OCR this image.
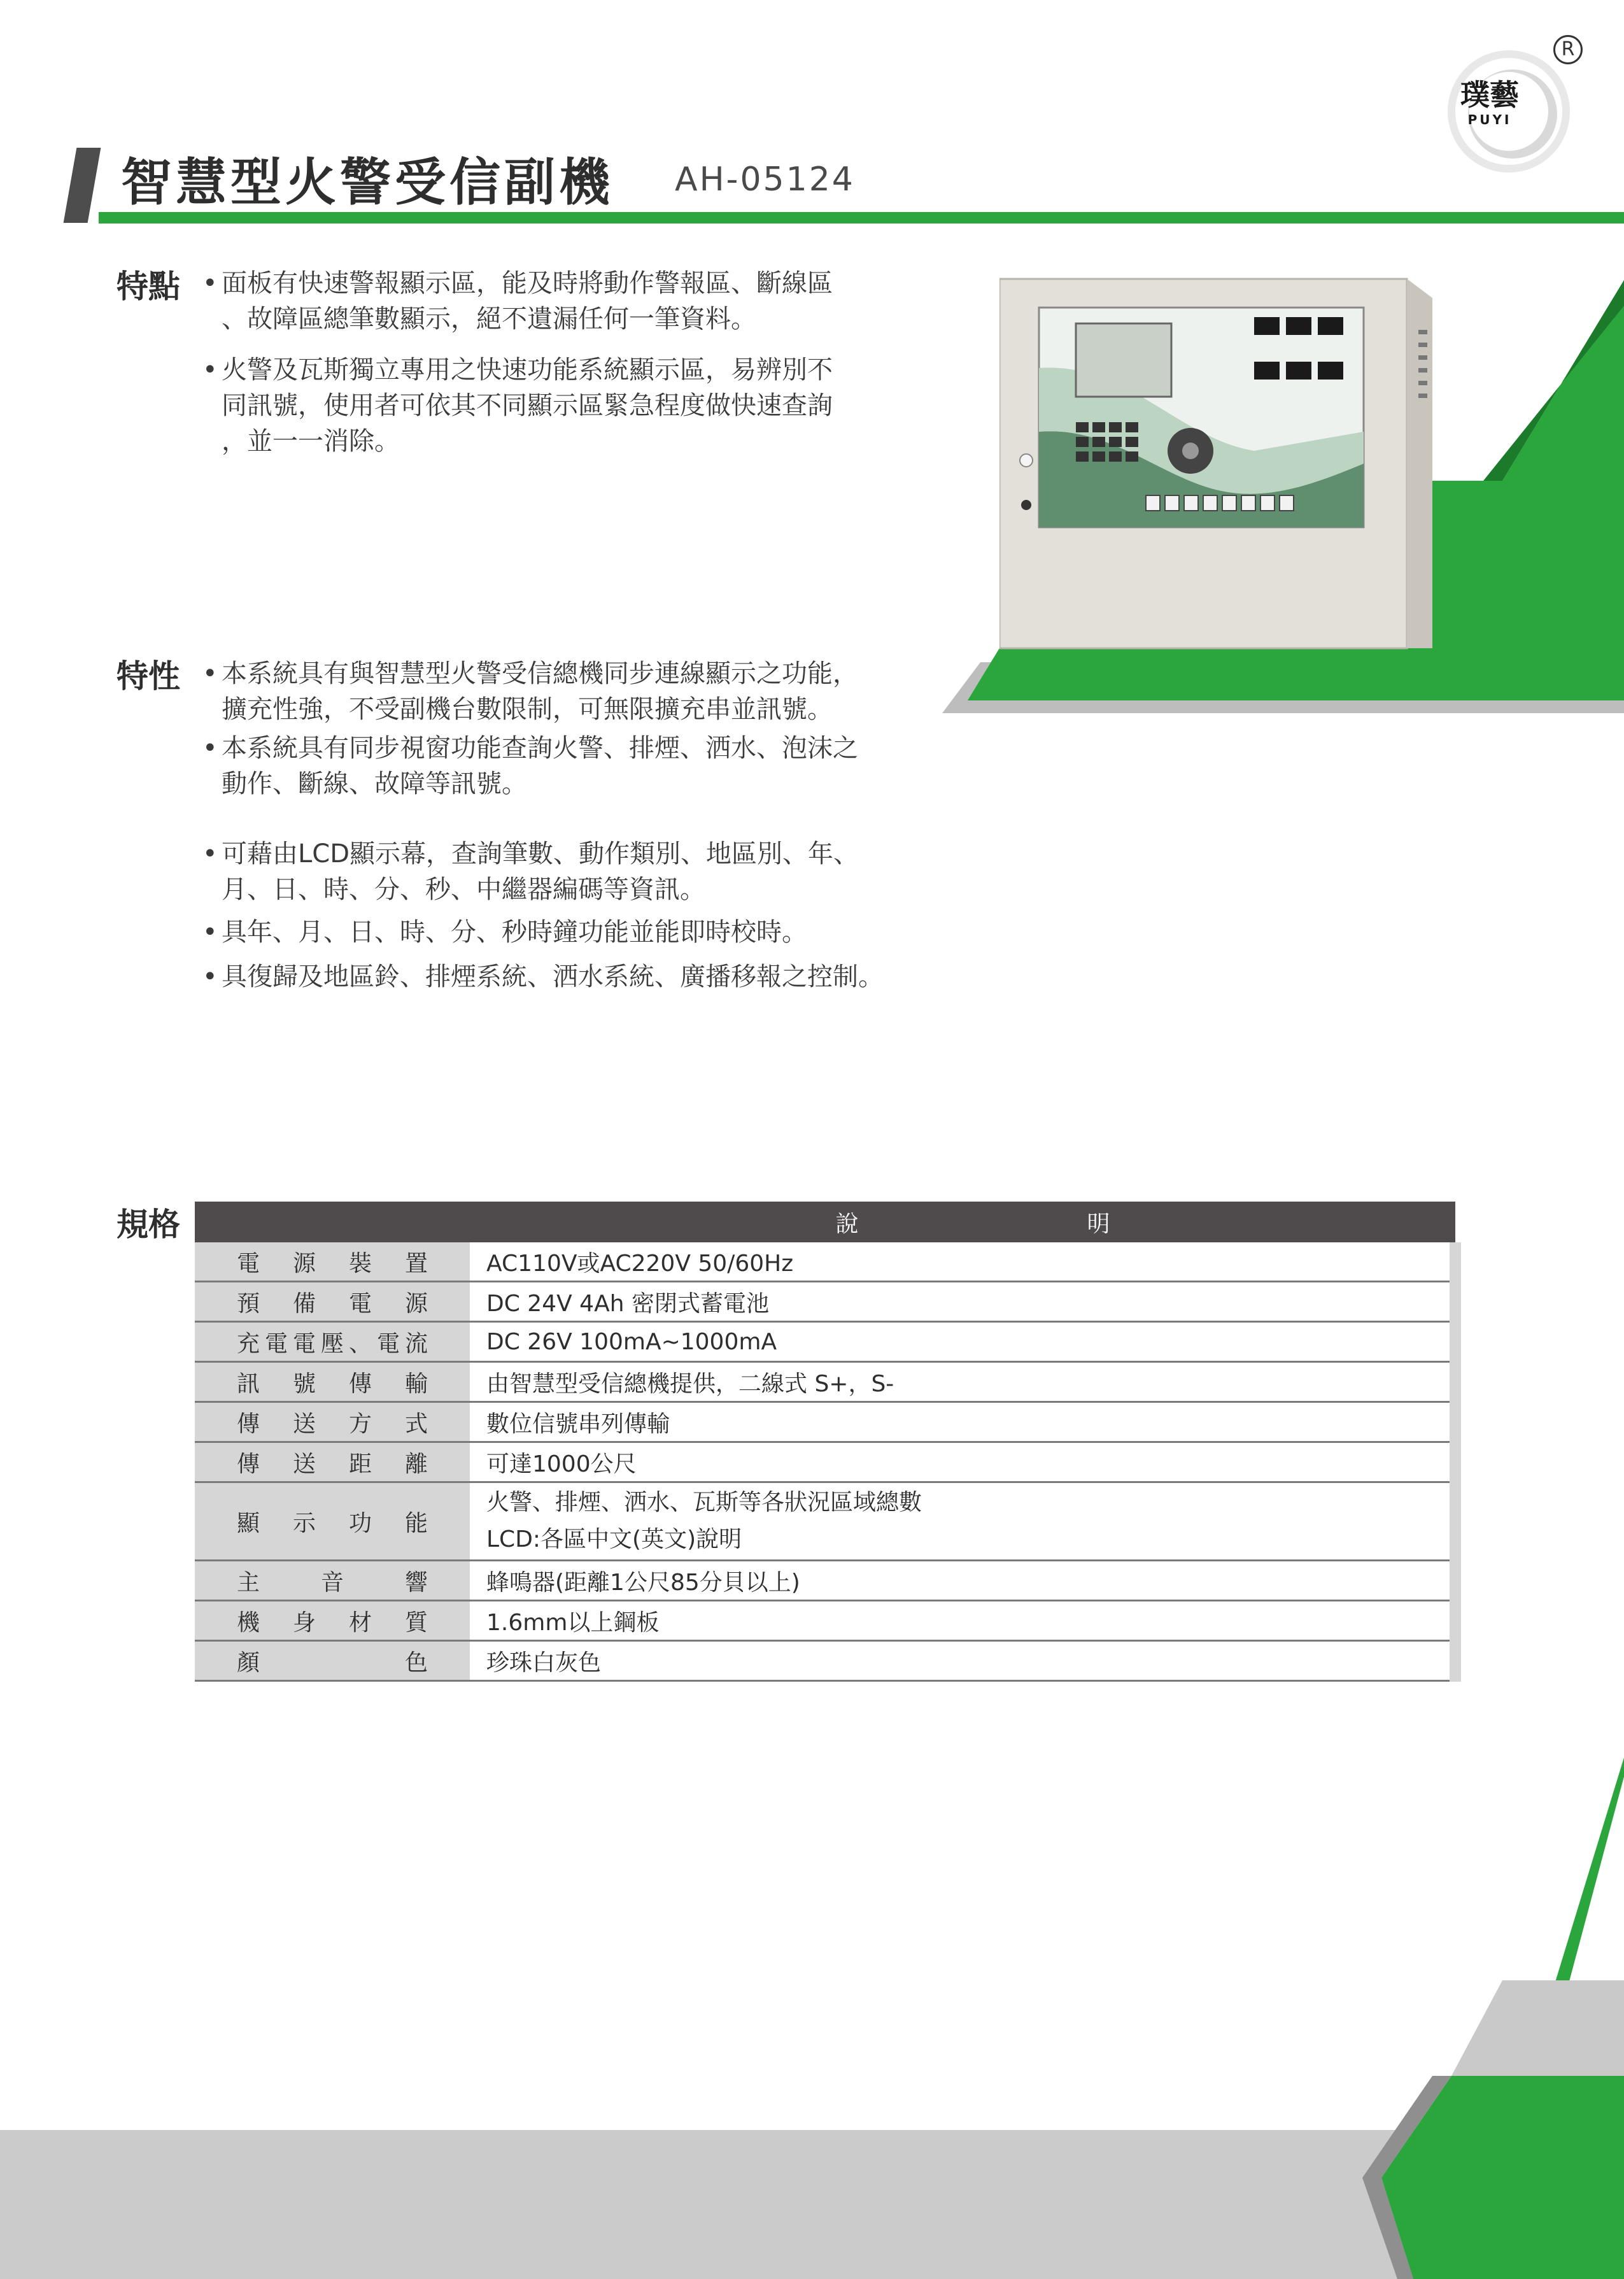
智慧型火警受信副機 AH-05124
璞藝
PUYI
R
特點 • 面板有快速警報顯示區，能及時將動作警報區、斷線區
、故障區總筆數顯示，絕不遺漏任何一筆資料。
• 火警及瓦斯獨立專用之快速功能系統顯示區，易辨別不
同訊號，使用者可依其不同顯示區緊急程度做快速查詢
，並一一消除。
特性 • 本系統具有與智慧型火警受信總機同步連線顯示之功能，
擴充性強，不受副機台數限制，可無限擴充串並訊號。
• 本系統具有同步視窗功能查詢火警、排煙、洒水、泡沫之
動作、斷線、故障等訊號。
• 可藉由LCD顯示幕，查詢筆數、動作類別、地區別、年、
月、日、時、分、秒、中繼器編碼等資訊。
• 具年、月、日、時、分、秒時鐘功能並能即時校時。
• 具復歸及地區鈴、排煙系統、洒水系統、廣播移報之控制。
規格	說 明	
電源裝置	AC110V或AC220V 50/60Hz
預備電源	DC 24V 4Ah 密閉式蓄電池
充電電壓、電流	DC 26V 100mA~1000mA
訊號傳輸	由智慧型受信總機提供，二線式 S+，S-
傳送方式	數位信號串列傳輸
傳送距離	可達1000公尺
顯示功能	火警、排煙、洒水、瓦斯等各狀況區域總數
LCD:各區中文(英文)說明

主音響	蜂鳴器(距離1公尺85分貝以上)
機身材質	1.6mm以上鋼板
顏色	珍珠白灰色
